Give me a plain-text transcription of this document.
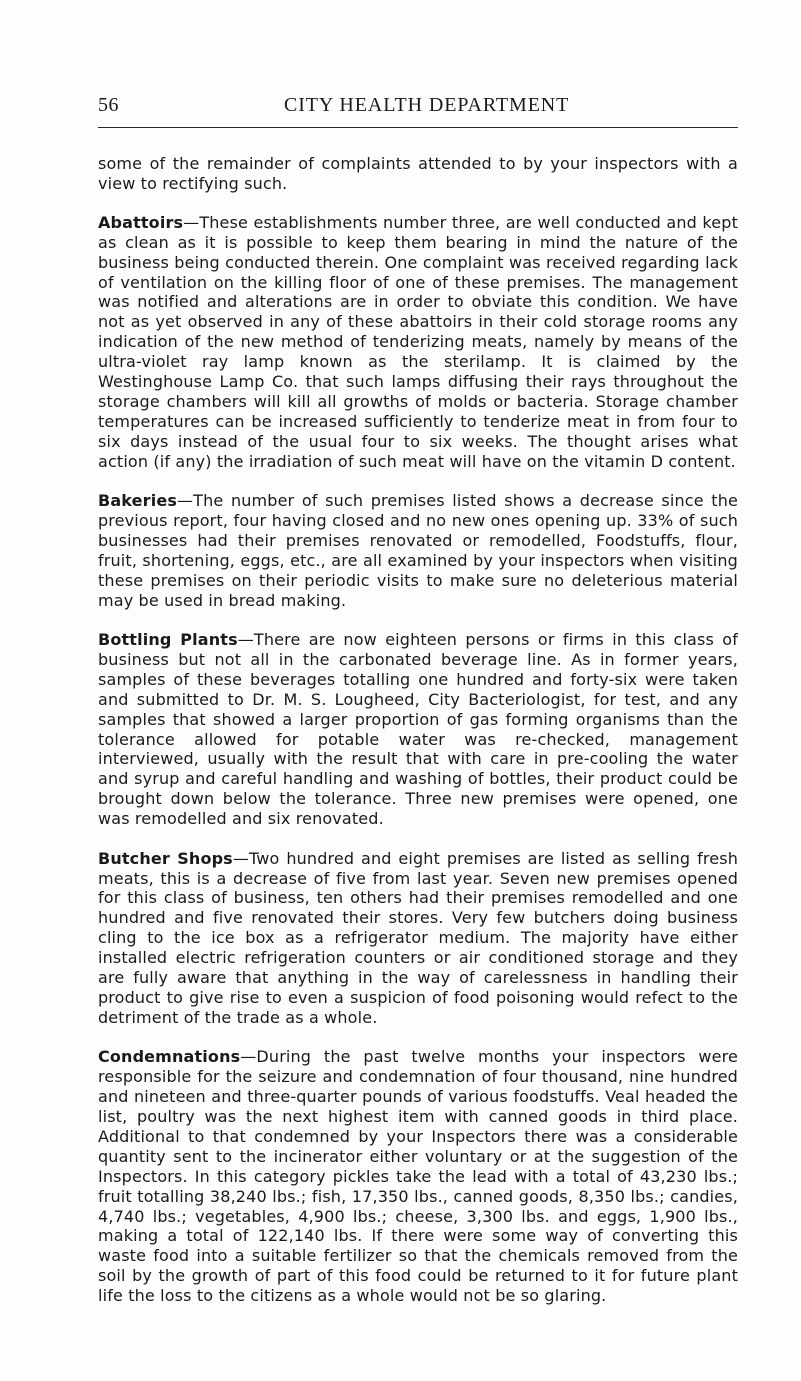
56	CITY HEALTH DEPARTMENT

some of the remainder of complaints attended to by your inspectors with a view to rectifying such.

Abattoirs—These establishments number three, are well conducted and kept as clean as it is possible to keep them bearing in mind the nature of the business being conducted therein. One complaint was received regarding lack of ventilation on the killing floor of one of these premises. The management was notified and alterations are in order to obviate this condition. We have not as yet observed in any of these abattoirs in their cold storage rooms any indication of the new method of tenderizing meats, namely by means of the ultra-violet ray lamp known as the sterilamp. It is claimed by the Westinghouse Lamp Co. that such lamps diffusing their rays throughout the storage chambers will kill all growths of molds or bacteria. Storage chamber temperatures can be increased sufficiently to tenderize meat in from four to six days instead of the usual four to six weeks. The thought arises what action (if any) the irradiation of such meat will have on the vitamin D content.

Bakeries—The number of such premises listed shows a decrease since the previous report, four having closed and no new ones opening up. 33% of such businesses had their premises renovated or remodelled, Foodstuffs, flour, fruit, shortening, eggs, etc., are all examined by your inspectors when visiting these premises on their periodic visits to make sure no deleterious material may be used in bread making.

Bottling Plants—There are now eighteen persons or firms in this class of business but not all in the carbonated beverage line. As in former years, samples of these beverages totalling one hundred and forty-six were taken and submitted to Dr. M. S. Lougheed, City Bacteriologist, for test, and any samples that showed a larger proportion of gas forming organisms than the tolerance allowed for potable water was re-checked, management interviewed, usually with the result that with care in pre-cooling the water and syrup and careful handling and washing of bottles, their product could be brought down below the tolerance. Three new premises were opened, one was remodelled and six renovated.

Butcher Shops—Two hundred and eight premises are listed as selling fresh meats, this is a decrease of five from last year. Seven new premises opened for this class of business, ten others had their premises remodelled and one hundred and five renovated their stores. Very few butchers doing business cling to the ice box as a refrigerator medium. The majority have either installed electric refrigeration counters or air conditioned storage and they are fully aware that anything in the way of carelessness in handling their product to give rise to even a suspicion of food poisoning would refect to the detriment of the trade as a whole.

Condemnations—During the past twelve months your inspectors were responsible for the seizure and condemnation of four thousand, nine hundred and nineteen and three-quarter pounds of various foodstuffs. Veal headed the list, poultry was the next highest item with canned goods in third place. Additional to that condemned by your Inspectors there was a considerable quantity sent to the incinerator either voluntary or at the suggestion of the Inspectors. In this category pickles take the lead with a total of 43,230 lbs.; fruit totalling 38,240 lbs.; fish, 17,350 lbs., canned goods, 8,350 lbs.; candies, 4,740 lbs.; vegetables, 4,900 lbs.; cheese, 3,300 lbs. and eggs, 1,900 lbs., making a total of 122,140 lbs. If there were some way of converting this waste food into a suitable fertilizer so that the chemicals removed from the soil by the growth of part of this food could be returned to it for future plant life the loss to the citizens as a whole would not be so glaring.
